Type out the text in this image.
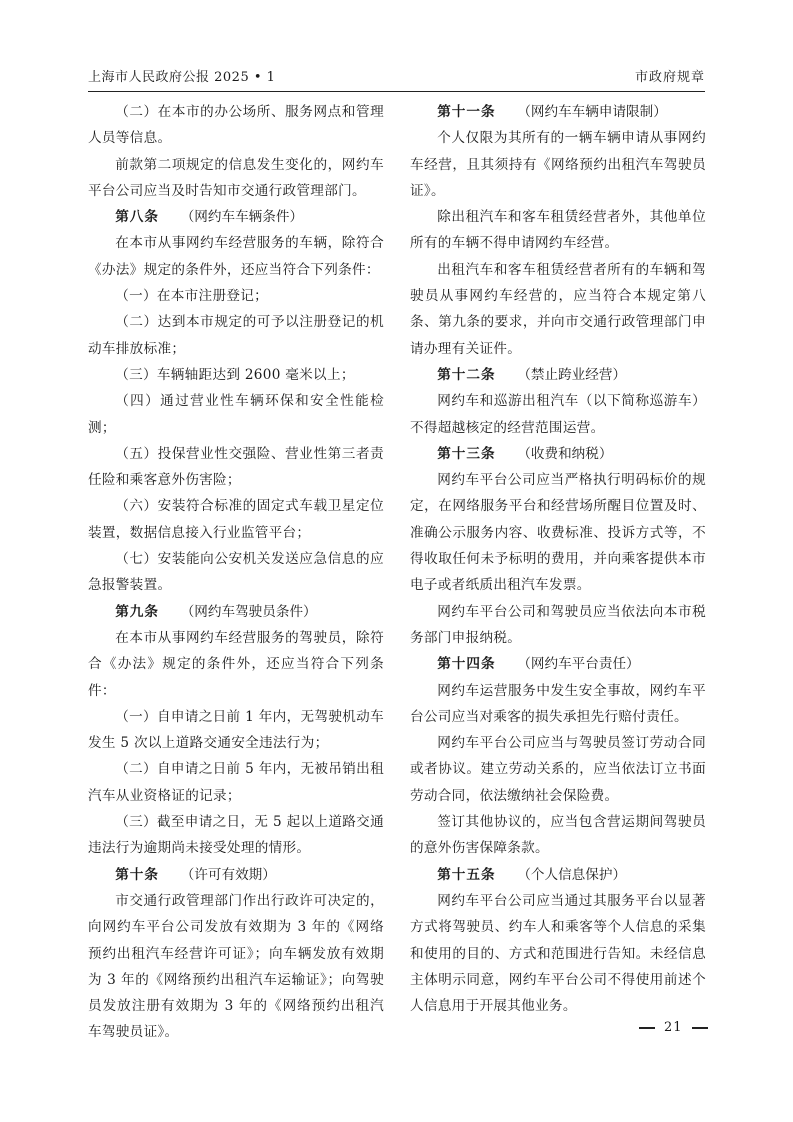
上海市人民政府公报 2025 • 1	市政府规章

（二）在本市的办公场所、服务网点和管理人员等信息。

前款第二项规定的信息发生变化的，网约车平台公司应当及时告知市交通行政管理部门。

第八条 （网约车车辆条件）

在本市从事网约车经营服务的车辆，除符合《办法》规定的条件外，还应当符合下列条件：

（一）在本市注册登记；

（二）达到本市规定的可予以注册登记的机动车排放标准；

（三）车辆轴距达到 2600 毫米以上；

（四）通过营业性车辆环保和安全性能检测；

（五）投保营业性交强险、营业性第三者责任险和乘客意外伤害险；

（六）安装符合标准的固定式车载卫星定位装置，数据信息接入行业监管平台；

（七）安装能向公安机关发送应急信息的应急报警装置。

第九条 （网约车驾驶员条件）

在本市从事网约车经营服务的驾驶员，除符合《办法》规定的条件外，还应当符合下列条件：

（一）自申请之日前 1 年内，无驾驶机动车发生 5 次以上道路交通安全违法行为；

（二）自申请之日前 5 年内，无被吊销出租汽车从业资格证的记录；

（三）截至申请之日，无 5 起以上道路交通违法行为逾期尚未接受处理的情形。

第十条 （许可有效期）

市交通行政管理部门作出行政许可决定的，向网约车平台公司发放有效期为 3 年的《网络预约出租汽车经营许可证》；向车辆发放有效期为 3 年的《网络预约出租汽车运输证》；向驾驶员发放注册有效期为 3 年的《网络预约出租汽车驾驶员证》。

第十一条 （网约车车辆申请限制）

个人仅限为其所有的一辆车辆申请从事网约车经营，且其须持有《网络预约出租汽车驾驶员证》。

除出租汽车和客车租赁经营者外，其他单位所有的车辆不得申请网约车经营。

出租汽车和客车租赁经营者所有的车辆和驾驶员从事网约车经营的，应当符合本规定第八条、第九条的要求，并向市交通行政管理部门申请办理有关证件。

第十二条 （禁止跨业经营）

网约车和巡游出租汽车（以下简称巡游车）不得超越核定的经营范围运营。

第十三条 （收费和纳税）

网约车平台公司应当严格执行明码标价的规定，在网络服务平台和经营场所醒目位置及时、准确公示服务内容、收费标准、投诉方式等，不得收取任何未予标明的费用，并向乘客提供本市电子或者纸质出租汽车发票。

网约车平台公司和驾驶员应当依法向本市税务部门申报纳税。

第十四条 （网约车平台责任）

网约车运营服务中发生安全事故，网约车平台公司应当对乘客的损失承担先行赔付责任。

网约车平台公司应当与驾驶员签订劳动合同或者协议。建立劳动关系的，应当依法订立书面劳动合同，依法缴纳社会保险费。

签订其他协议的，应当包含营运期间驾驶员的意外伤害保障条款。

第十五条 （个人信息保护）

网约车平台公司应当通过其服务平台以显著方式将驾驶员、约车人和乘客等个人信息的采集和使用的目的、方式和范围进行告知。未经信息主体明示同意，网约车平台公司不得使用前述个人信息用于开展其他业务。

21
